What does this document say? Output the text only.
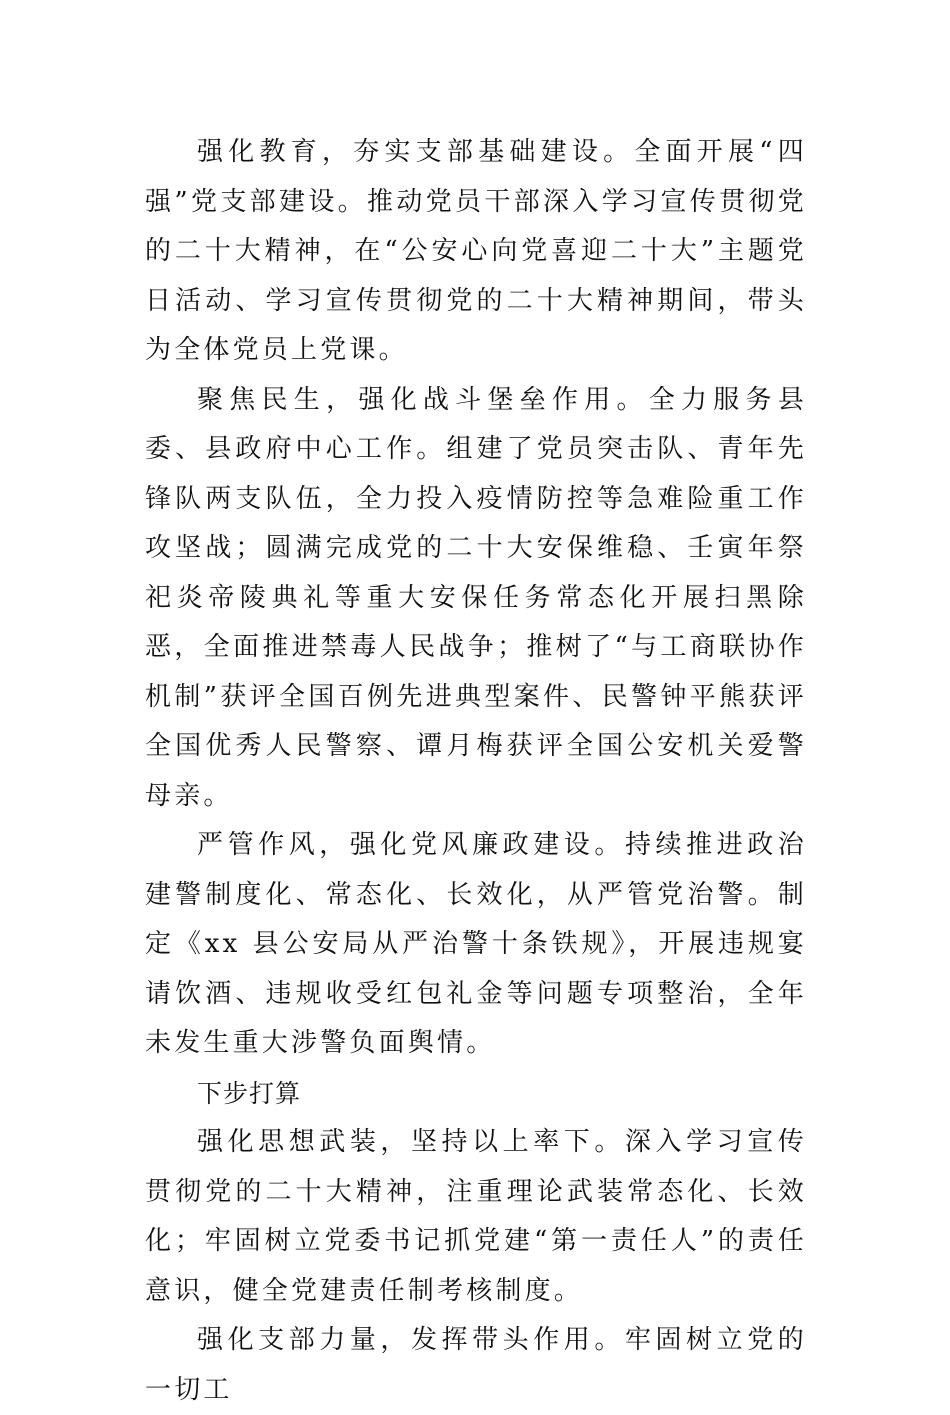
强化教育，夯实支部基础建设。全面开展“四强”党支部建设。推动党员干部深入学习宣传贯彻党的二十大精神，在“公安心向党喜迎二十大”主题党日活动、学习宣传贯彻党的二十大精神期间，带头为全体党员上党课。

聚焦民生，强化战斗堡垒作用。全力服务县委、县政府中心工作。组建了党员突击队、青年先锋队两支队伍，全力投入疫情防控等急难险重工作攻坚战；圆满完成党的二十大安保维稳、壬寅年祭祀炎帝陵典礼等重大安保任务常态化开展扫黑除恶，全面推进禁毒人民战争；推树了“与工商联协作机制”获评全国百例先进典型案件、民警钟平熊获评全国优秀人民警察、谭月梅获评全国公安机关爱警母亲。

严管作风，强化党风廉政建设。持续推进政治建警制度化、常态化、长效化，从严管党治警。制定《xx 县公安局从严治警十条铁规》，开展违规宴请饮酒、违规收受红包礼金等问题专项整治，全年未发生重大涉警负面舆情。

下步打算

强化思想武装，坚持以上率下。深入学习宣传贯彻党的二十大精神，注重理论武装常态化、长效化；牢固树立党委书记抓党建“第一责任人”的责任意识，健全党建责任制考核制度。

强化支部力量，发挥带头作用。牢固树立党的一切工
